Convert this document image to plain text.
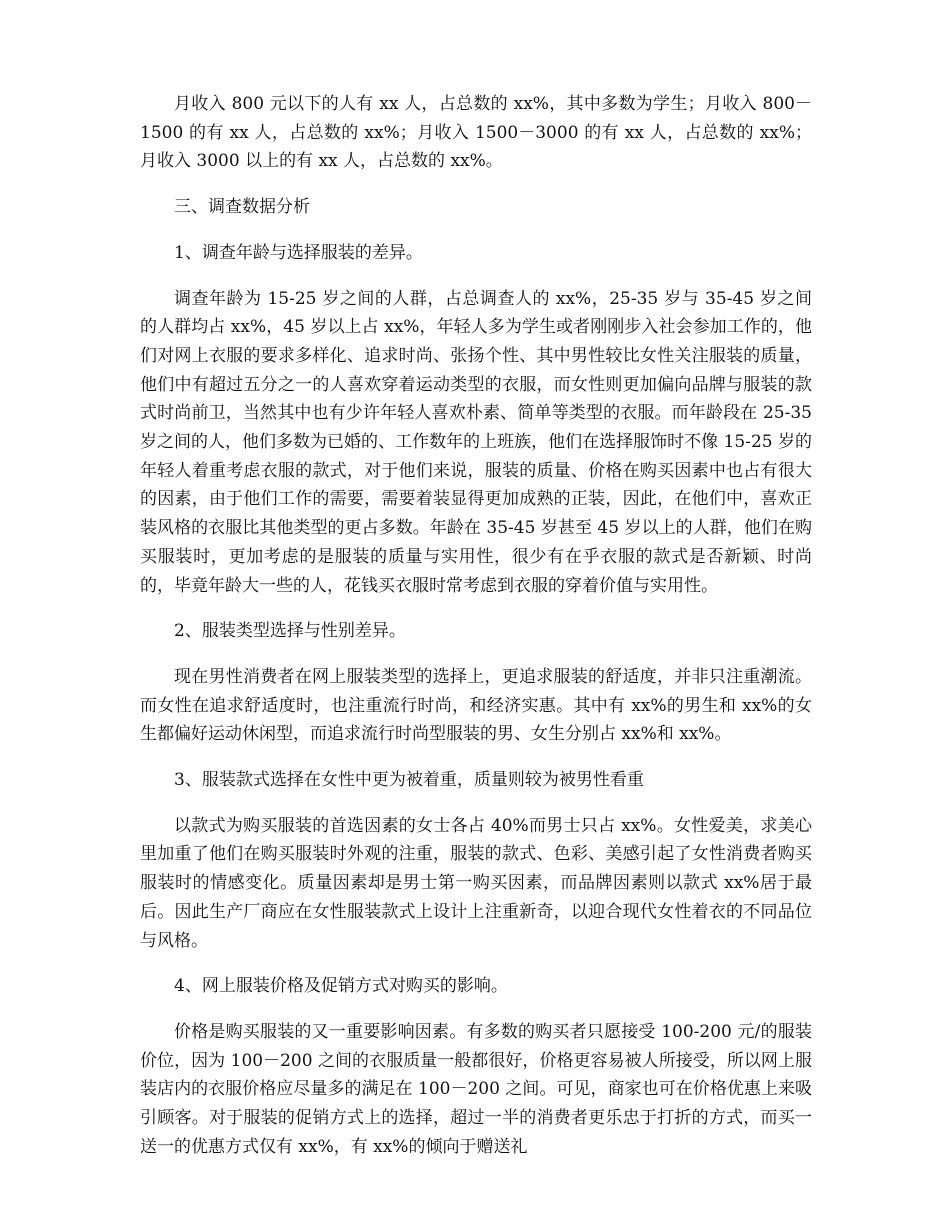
月收入 800 元以下的人有 xx 人，占总数的 xx%，其中多数为学生；月收入 800－1500 的有 xx 人，占总数的 xx%；月收入 1500－3000 的有 xx 人，占总数的 xx%；月收入 3000 以上的有 xx 人，占总数的 xx%。

三、调查数据分析

1、调查年龄与选择服装的差异。

调查年龄为 15-25 岁之间的人群，占总调查人的 xx%，25-35 岁与 35-45 岁之间的人群均占 xx%，45 岁以上占 xx%，年轻人多为学生或者刚刚步入社会参加工作的，他们对网上衣服的要求多样化、追求时尚、张扬个性、其中男性较比女性关注服装的质量，他们中有超过五分之一的人喜欢穿着运动类型的衣服，而女性则更加偏向品牌与服装的款式时尚前卫，当然其中也有少许年轻人喜欢朴素、简单等类型的衣服。而年龄段在 25-35 岁之间的人，他们多数为已婚的、工作数年的上班族，他们在选择服饰时不像 15-25 岁的年轻人着重考虑衣服的款式，对于他们来说，服装的质量、价格在购买因素中也占有很大的因素，由于他们工作的需要，需要着装显得更加成熟的正装，因此，在他们中，喜欢正装风格的衣服比其他类型的更占多数。年龄在 35-45 岁甚至 45 岁以上的人群，他们在购买服装时，更加考虑的是服装的质量与实用性，很少有在乎衣服的款式是否新颖、时尚的，毕竟年龄大一些的人，花钱买衣服时常考虑到衣服的穿着价值与实用性。

2、服装类型选择与性别差异。

现在男性消费者在网上服装类型的选择上，更追求服装的舒适度，并非只注重潮流。而女性在追求舒适度时，也注重流行时尚，和经济实惠。其中有 xx%的男生和 xx%的女生都偏好运动休闲型，而追求流行时尚型服装的男、女生分别占 xx%和 xx%。

3、服装款式选择在女性中更为被着重，质量则较为被男性看重

以款式为购买服装的首选因素的女士各占 40%而男士只占 xx%。女性爱美，求美心里加重了他们在购买服装时外观的注重，服装的款式、色彩、美感引起了女性消费者购买服装时的情感变化。质量因素却是男士第一购买因素，而品牌因素则以款式 xx%居于最后。因此生产厂商应在女性服装款式上设计上注重新奇，以迎合现代女性着衣的不同品位与风格。

4、网上服装价格及促销方式对购买的影响。

价格是购买服装的又一重要影响因素。有多数的购买者只愿接受 100-200 元/的服装价位，因为 100－200 之间的衣服质量一般都很好，价格更容易被人所接受，所以网上服装店内的衣服价格应尽量多的满足在 100－200 之间。可见，商家也可在价格优惠上来吸引顾客。对于服装的促销方式上的选择，超过一半的消费者更乐忠于打折的方式，而买一送一的优惠方式仅有 xx%，有 xx%的倾向于赠送礼
